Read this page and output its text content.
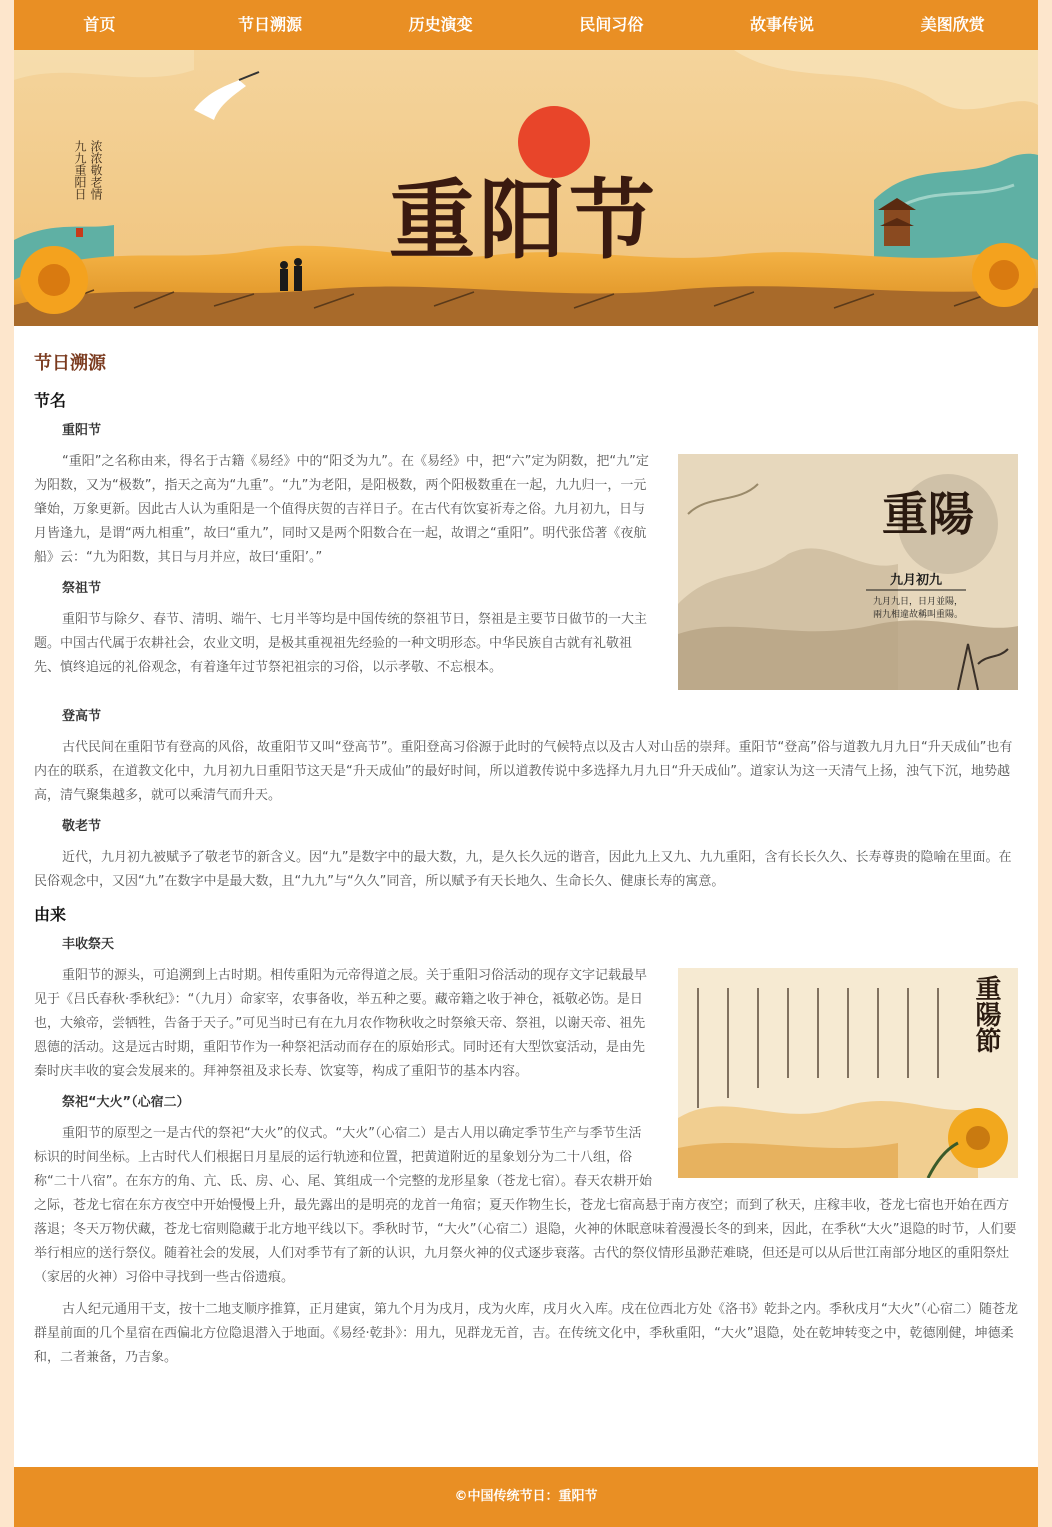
首页	节日溯源	历史演变	民间习俗	故事传说	美图欣赏
重阳节
浓浓敬老情
九九重阳日
节日溯源
节名
重阳节
重陽
九月初九
九月九日，日月並陽，
兩九相違故稱叫重陽。

“重阳”之名称由来，得名于古籍《易经》中的“阳爻为九”。在《易经》中，把“六”定为阴数，把“九”定为阳数，又为“极数”，指天之高为“九重”。“九”为老阳，是阳极数，两个阳极数重在一起，九九归一，一元肇始，万象更新。因此古人认为重阳是一个值得庆贺的吉祥日子。在古代有饮宴祈寿之俗。九月初九，日与月皆逢九，是谓“两九相重”，故曰“重九”，同时又是两个阳数合在一起，故谓之“重阳”。明代张岱著《夜航船》云：“九为阳数，其日与月并应，故曰‘重阳’。”

祭祖节

重阳节与除夕、春节、清明、端午、七月半等均是中国传统的祭祖节日，祭祖是主要节日做节的一大主题。中国古代属于农耕社会，农业文明，是极其重视祖先经验的一种文明形态。中华民族自古就有礼敬祖先、慎终追远的礼俗观念，有着逢年过节祭祀祖宗的习俗，以示孝敬、不忘根本。

登高节

古代民间在重阳节有登高的风俗，故重阳节又叫“登高节”。重阳登高习俗源于此时的气候特点以及古人对山岳的崇拜。重阳节“登高”俗与道教九月九日“升天成仙”也有内在的联系，在道教文化中，九月初九日重阳节这天是“升天成仙”的最好时间，所以道教传说中多选择九月九日“升天成仙”。道家认为这一天清气上扬，浊气下沉，地势越高，清气聚集越多，就可以乘清气而升天。

敬老节

近代，九月初九被赋予了敬老节的新含义。因“九”是数字中的最大数，九，是久长久远的谐音，因此九上又九、九九重阳，含有长长久久、长寿尊贵的隐喻在里面。在民俗观念中，又因“九”在数字中是最大数，且“九九”与“久久”同音，所以赋予有天长地久、生命长久、健康长寿的寓意。

由来
丰收祭天
重陽節

重阳节的源头，可追溯到上古时期。相传重阳为元帝得道之辰。关于重阳习俗活动的现存文字记载最早见于《吕氏春秋·季秋纪》：“（九月）命家宰，农事备收，举五种之要。藏帝籍之收于神仓，祗敬必饬。是日也，大飨帝，尝牺牲，告备于天子。”可见当时已有在九月农作物秋收之时祭飨天帝、祭祖，以谢天帝、祖先恩德的活动。这是远古时期，重阳节作为一种祭祀活动而存在的原始形式。同时还有大型饮宴活动，是由先秦时庆丰收的宴会发展来的。拜神祭祖及求长寿、饮宴等，构成了重阳节的基本内容。

祭祀“大火”（心宿二）

重阳节的原型之一是古代的祭祀“大火”的仪式。“大火”（心宿二）是古人用以确定季节生产与季节生活标识的时间坐标。上古时代人们根据日月星辰的运行轨迹和位置，把黄道附近的星象划分为二十八组，俗称“二十八宿”。在东方的角、亢、氐、房、心、尾、箕组成一个完整的龙形星象（苍龙七宿）。春天农耕开始之际，苍龙七宿在东方夜空中开始慢慢上升，最先露出的是明亮的龙首一角宿；夏天作物生长，苍龙七宿高悬于南方夜空；而到了秋天，庄稼丰收，苍龙七宿也开始在西方落退；冬天万物伏藏，苍龙七宿则隐藏于北方地平线以下。季秋时节，“大火”（心宿二）退隐，火神的休眠意味着漫漫长冬的到来，因此，在季秋“大火”退隐的时节，人们要举行相应的送行祭仪。随着社会的发展，人们对季节有了新的认识，九月祭火神的仪式逐步衰落。古代的祭仪情形虽渺茫难晓，但还是可以从后世江南部分地区的重阳祭灶（家居的火神）习俗中寻找到一些古俗遗痕。

古人纪元通用干支，按十二地支顺序推算，正月建寅，第九个月为戌月，戌为火库，戌月火入库。戌在位西北方处《洛书》乾卦之内。季秋戌月“大火”（心宿二）随苍龙群星前面的几个星宿在西偏北方位隐退潜入于地面。《易经·乾卦》：用九，见群龙无首，吉。在传统文化中，季秋重阳，“大火”退隐，处在乾坤转变之中，乾德刚健，坤德柔和，二者兼备，乃吉象。

©中国传统节日：重阳节
